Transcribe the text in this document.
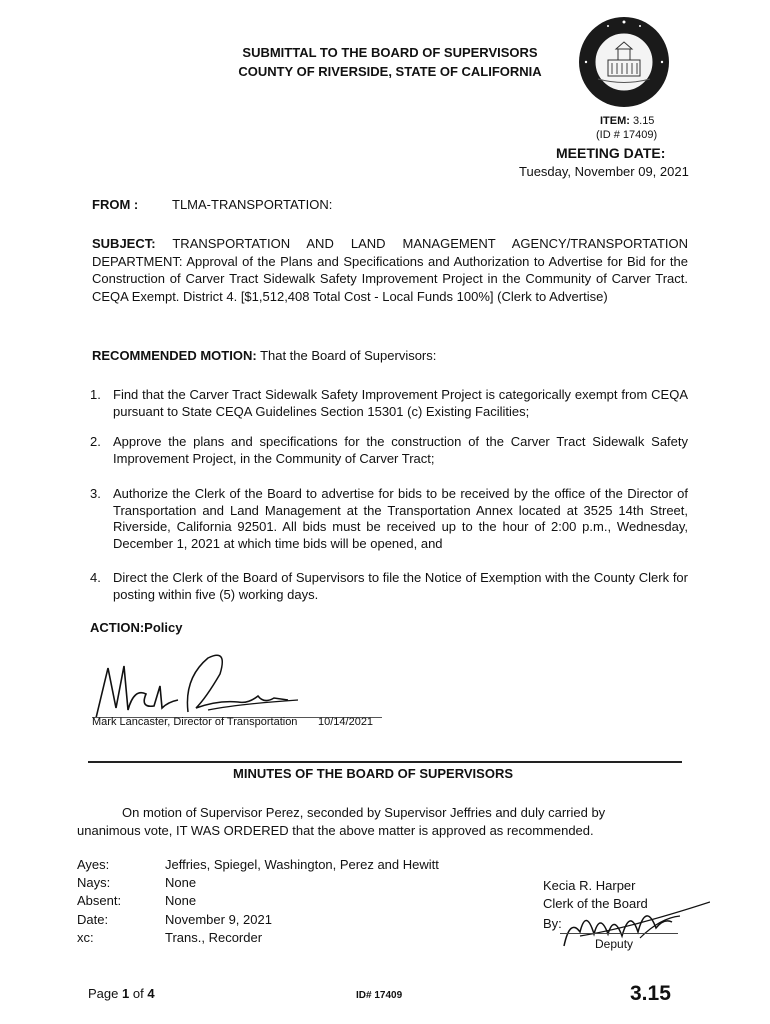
SUBMITTAL TO THE BOARD OF SUPERVISORS
COUNTY OF RIVERSIDE, STATE OF CALIFORNIA
ITEM: 3.15
(ID # 17409)
MEETING DATE:
Tuesday, November 09, 2021
FROM :	TLMA-TRANSPORTATION:
SUBJECT: TRANSPORTATION AND LAND MANAGEMENT AGENCY/TRANSPORTATION DEPARTMENT: Approval of the Plans and Specifications and Authorization to Advertise for Bid for the Construction of Carver Tract Sidewalk Safety Improvement Project in the Community of Carver Tract. CEQA Exempt. District 4. [$1,512,408 Total Cost - Local Funds 100%] (Clerk to Advertise)
RECOMMENDED MOTION: That the Board of Supervisors:
1. Find that the Carver Tract Sidewalk Safety Improvement Project is categorically exempt from CEQA pursuant to State CEQA Guidelines Section 15301 (c) Existing Facilities;
2. Approve the plans and specifications for the construction of the Carver Tract Sidewalk Safety Improvement Project, in the Community of Carver Tract;
3. Authorize the Clerk of the Board to advertise for bids to be received by the office of the Director of Transportation and Land Management at the Transportation Annex located at 3525 14th Street, Riverside, California 92501. All bids must be received up to the hour of 2:00 p.m., Wednesday, December 1, 2021 at which time bids will be opened, and
4. Direct the Clerk of the Board of Supervisors to file the Notice of Exemption with the County Clerk for posting within five (5) working days.
ACTION:Policy
Mark Lancaster, Director of Transportation 10/14/2021
MINUTES OF THE BOARD OF SUPERVISORS
On motion of Supervisor Perez, seconded by Supervisor Jeffries and duly carried by
unanimous vote, IT WAS ORDERED that the above matter is approved as recommended.
Ayes:	Jeffries, Spiegel, Washington, Perez and Hewitt
Nays:	None
Absent:	None
Date:	November 9, 2021
xc:	Trans., Recorder
Kecia R. Harper
Clerk of the Board
By:
Deputy
Page 1 of 4	ID# 17409	3.15
